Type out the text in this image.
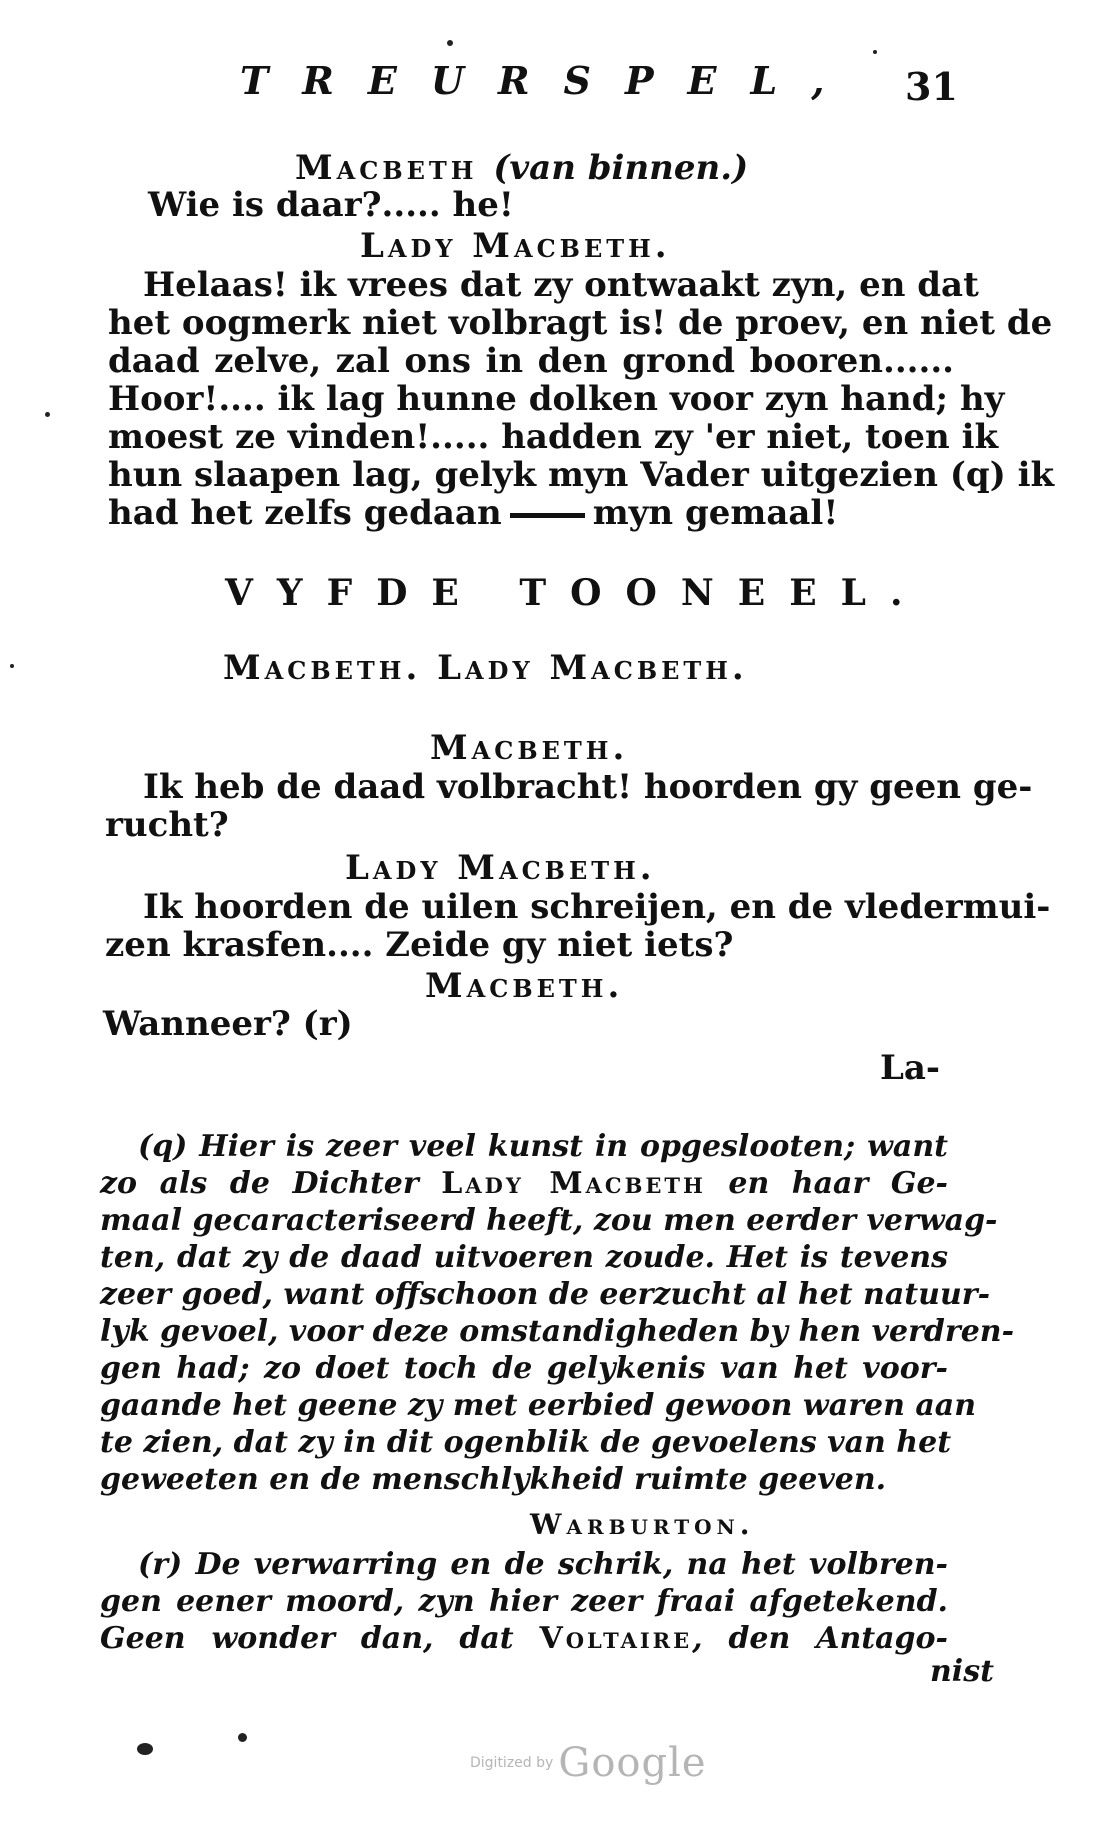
TREURSPEL,	31
Macbeth (van binnen.)
Wie is daar?..... he!
Lady Macbeth.
Helaas! ik vrees dat zy ontwaakt zyn, en dat
het oogmerk niet volbragt is! de proev, en niet de
daad zelve, zal ons in den grond booren......
Hoor!.... ik lag hunne dolken voor zyn hand; hy
moest ze vinden!..... hadden zy 'er niet, toen ik
hun slaapen lag, gelyk myn Vader uitgezien (q) ik
had het zelfs gedaan	myn gemaal!
VYFDE TOONEEL.
Macbeth. Lady Macbeth.
Macbeth.
Ik heb de daad volbracht! hoorden gy geen ge-
rucht?
Lady Macbeth.
Ik hoorden de uilen schreijen, en de vledermui-
zen krasfen.... Zeide gy niet iets?
Macbeth.
Wanneer? (r)
La-
(q) Hier is zeer veel kunst in opgeslooten; want
zo als de Dichter Lady Macbeth en haar Ge-
maal gecaracteriseerd heeft, zou men eerder verwag-
ten, dat zy de daad uitvoeren zoude. Het is tevens
zeer goed, want offschoon de eerzucht al het natuur-
lyk gevoel, voor deze omstandigheden by hen verdren-
gen had; zo doet toch de gelykenis van het voor-
gaande het geene zy met eerbied gewoon waren aan
te zien, dat zy in dit ogenblik de gevoelens van het
geweeten en de menschlykheid ruimte geeven.
Warburton.
(r) De verwarring en de schrik, na het volbren-
gen eener moord, zyn hier zeer fraai afgetekend.
Geen wonder dan, dat Voltaire, den Antago-
nist
Digitized by Google
